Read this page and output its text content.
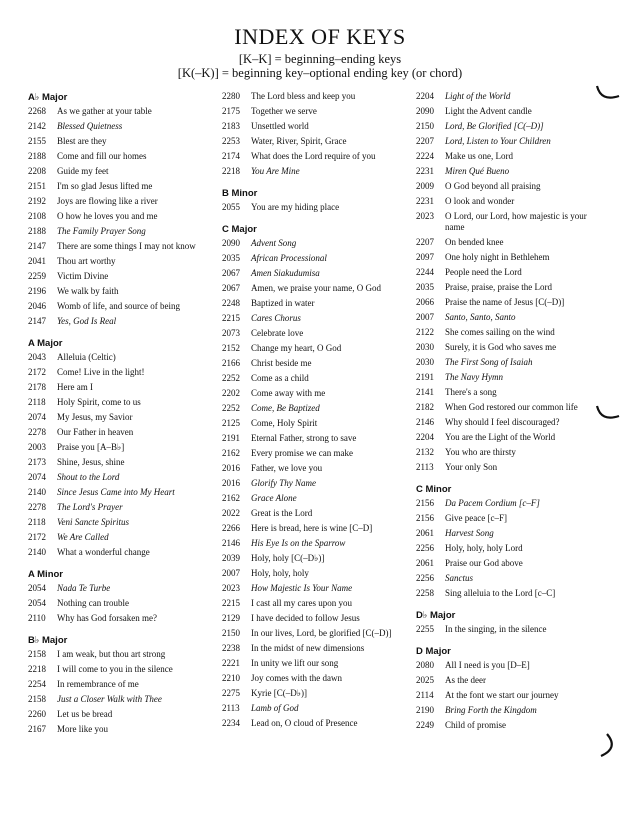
INDEX OF KEYS
[K–K] = beginning–ending keys
[K(–K)] = beginning key–optional ending key (or chord)
A♭ Major
2268	As we gather at your table
2142	Blessed Quietness
2155	Blest are they
2188	Come and fill our homes
2208	Guide my feet
2151	I'm so glad Jesus lifted me
2192	Joys are flowing like a river
2108	O how he loves you and me
2188	The Family Prayer Song
2147	There are some things I may not know
2041	Thou art worthy
2259	Victim Divine
2196	We walk by faith
2046	Womb of life, and source of being
2147	Yes, God Is Real
A Major
2043	Alleluia (Celtic)
2172	Come! Live in the light!
2178	Here am I
2118	Holy Spirit, come to us
2074	My Jesus, my Savior
2278	Our Father in heaven
2003	Praise you [A–B♭]
2173	Shine, Jesus, shine
2074	Shout to the Lord
2140	Since Jesus Came into My Heart
2278	The Lord's Prayer
2118	Veni Sancte Spiritus
2172	We Are Called
2140	What a wonderful change
A Minor
2054	Nada Te Turbe
2054	Nothing can trouble
2110	Why has God forsaken me?
B♭ Major
2158	I am weak, but thou art strong
2218	I will come to you in the silence
2254	In remembrance of me
2158	Just a Closer Walk with Thee
2260	Let us be bread
2167	More like you
2280	The Lord bless and keep you
2175	Together we serve
2183	Unsettled world
2253	Water, River, Spirit, Grace
2174	What does the Lord require of you
2218	You Are Mine
B Minor
2055	You are my hiding place
C Major
2090	Advent Song
2035	African Processional
2067	Amen Siakudumisa
2067	Amen, we praise your name, O God
2248	Baptized in water
2215	Cares Chorus
2073	Celebrate love
2152	Change my heart, O God
2166	Christ beside me
2252	Come as a child
2202	Come away with me
2252	Come, Be Baptized
2125	Come, Holy Spirit
2191	Eternal Father, strong to save
2162	Every promise we can make
2016	Father, we love you
2016	Glorify Thy Name
2162	Grace Alone
2022	Great is the Lord
2266	Here is bread, here is wine [C–D]
2146	His Eye Is on the Sparrow
2039	Holy, holy [C(–D♭)]
2007	Holy, holy, holy
2023	How Majestic Is Your Name
2215	I cast all my cares upon you
2129	I have decided to follow Jesus
2150	In our lives, Lord, be glorified [C(–D)]
2238	In the midst of new dimensions
2221	In unity we lift our song
2210	Joy comes with the dawn
2275	Kyrie [C(–D♭)]
2113	Lamb of God
2234	Lead on, O cloud of Presence
2204	Light of the World
2090	Light the Advent candle
2150	Lord, Be Glorified [C(–D)]
2207	Lord, Listen to Your Children
2224	Make us one, Lord
2231	Miren Qué Bueno
2009	O God beyond all praising
2231	O look and wonder
2023	O Lord, our Lord, how majestic is your name
2207	On bended knee
2097	One holy night in Bethlehem
2244	People need the Lord
2035	Praise, praise, praise the Lord
2066	Praise the name of Jesus [C(–D)]
2007	Santo, Santo, Santo
2122	She comes sailing on the wind
2030	Surely, it is God who saves me
2030	The First Song of Isaiah
2191	The Navy Hymn
2141	There's a song
2182	When God restored our common life
2146	Why should I feel discouraged?
2204	You are the Light of the World
2132	You who are thirsty
2113	Your only Son
C Minor
2156	Da Pacem Cordium [c–F]
2156	Give peace [c–F]
2061	Harvest Song
2256	Holy, holy, holy Lord
2061	Praise our God above
2256	Sanctus
2258	Sing alleluia to the Lord [c–C]
D♭ Major
2255	In the singing, in the silence
D Major
2080	All I need is you [D–E]
2025	As the deer
2114	At the font we start our journey
2190	Bring Forth the Kingdom
2249	Child of promise
